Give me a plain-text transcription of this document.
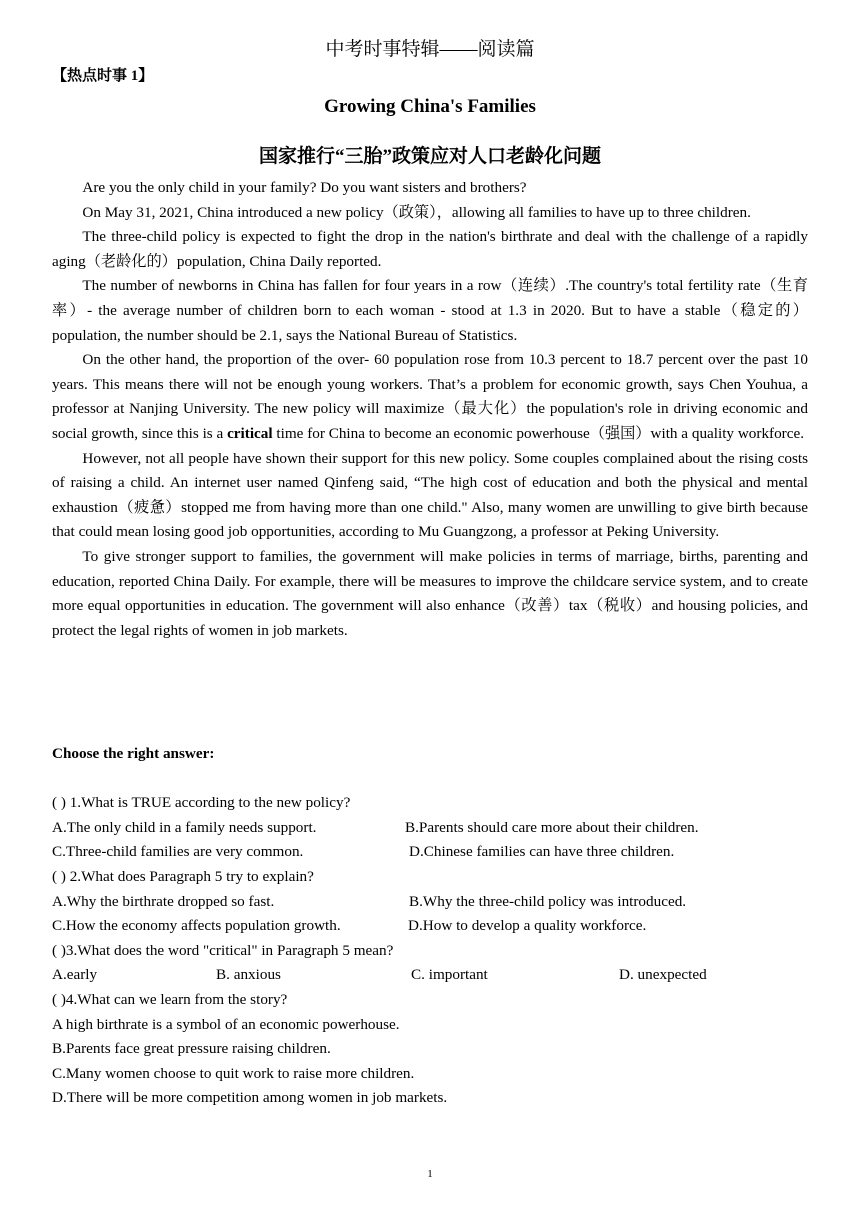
中考时事特辑——阅读篇
【热点时事 1】
Growing China's Families
国家推行“三胎”政策应对人口老龄化问题

Are you the only child in your family? Do you want sisters and brothers?

On May 31, 2021, China introduced a new policy（政策），allowing all families to have up to three children.

The three-child policy is expected to fight the drop in the nation's birthrate and deal with the challenge of a rapidly aging（老龄化的）population, China Daily reported.

The number of newborns in China has fallen for four years in a row（连续）.The country's total fertility rate（生育率）- the average number of children born to each woman - stood at 1.3 in 2020. But to have a stable（稳定的）population, the number should be 2.1, says the National Bureau of Statistics.

On the other hand, the proportion of the over- 60 population rose from 10.3 percent to 18.7 percent over the past 10 years. This means there will not be enough young workers. That’s a problem for economic growth, says Chen Youhua, a professor at Nanjing University. The new policy will maximize（最大化）the population's role in driving economic and social growth, since this is a critical time for China to become an economic powerhouse（强国）with a quality workforce.

However, not all people have shown their support for this new policy. Some couples complained about the rising costs of raising a child. An internet user named Qinfeng said, “The high cost of education and both the physical and mental exhaustion（疲惫）stopped me from having more than one child." Also, many women are unwilling to give birth because that could mean losing good job opportunities, according to Mu Guangzong, a professor at Peking University.

To give stronger support to families, the government will make policies in terms of marriage, births, parenting and education, reported China Daily. For example, there will be measures to improve the childcare service system, and to create more equal opportunities in education. The government will also enhance（改善）tax（税收）and housing policies, and protect the legal rights of women in job markets.

Choose the right answer:

( ) 1.What is TRUE according to the new policy?

A.The only child in a family needs support.	B.Parents should care more about their children.
C.Three-child families are very common.	D.Chinese families can have three children.

( ) 2.What does Paragraph 5 try to explain?

A.Why the birthrate dropped so fast.	B.Why the three-child policy was introduced.
C.How the economy affects population growth.	D.How to develop a quality workforce.

( )3.What does the word "critical" in Paragraph 5 mean?

A.early	B. anxious	C. important	D. unexpected

( )4.What can we learn from the story?

A high birthrate is a symbol of an economic powerhouse.

B.Parents face great pressure raising children.

C.Many women choose to quit work to raise more children.

D.There will be more competition among women in job markets.

1
